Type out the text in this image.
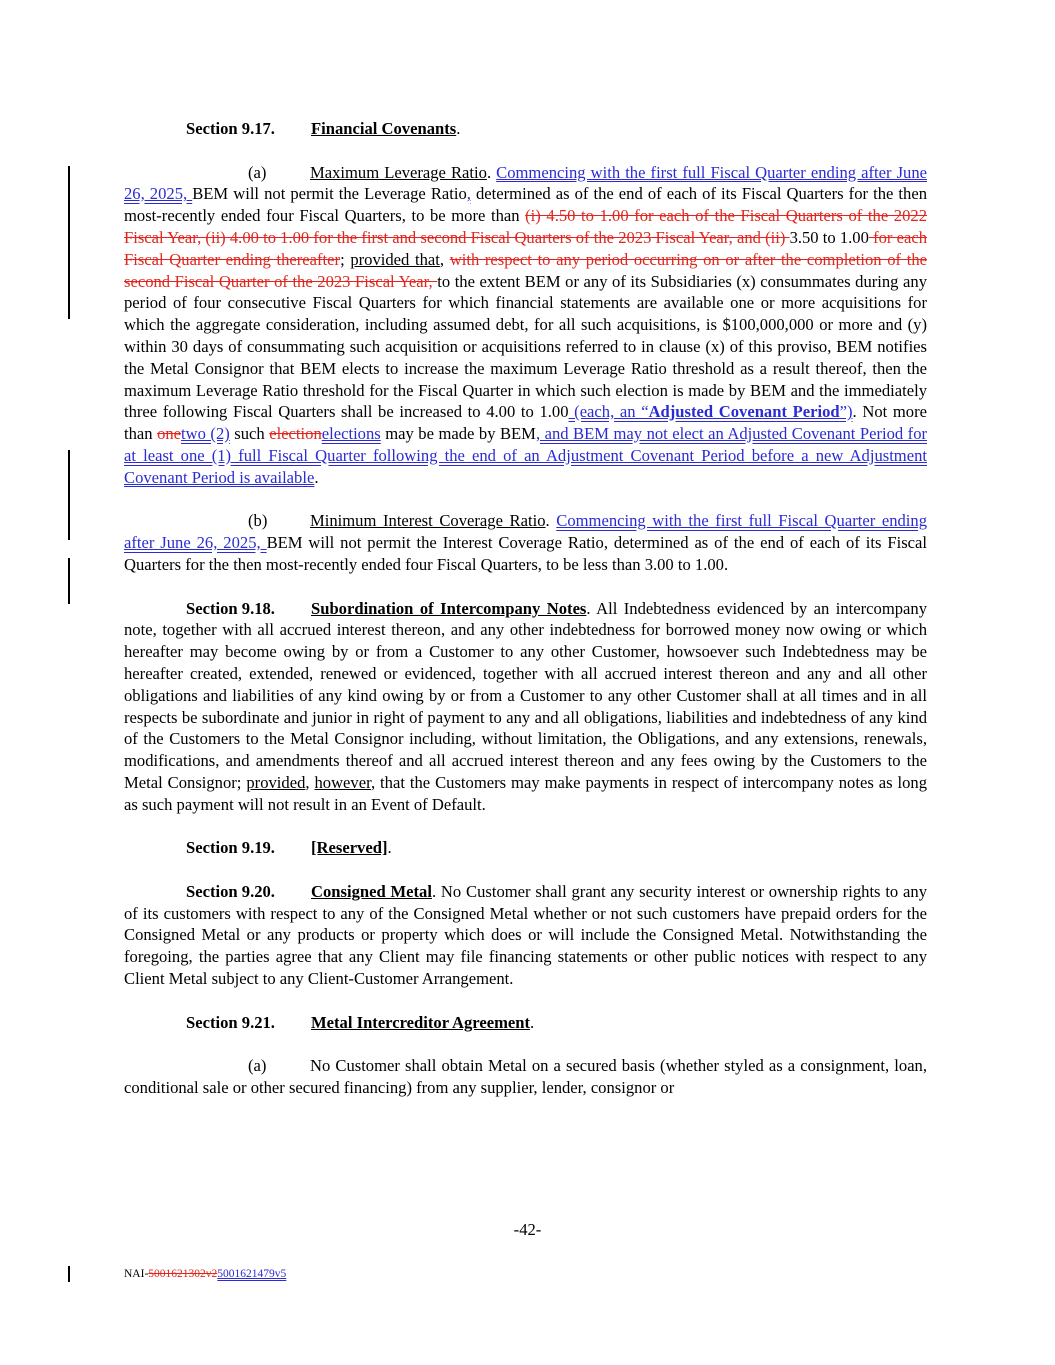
Section 9.17. Financial Covenants.

(a)	Maximum Leverage Ratio. Commencing with the first full Fiscal Quarter ending after June 26, 2025, BEM will not permit the Leverage Ratio, determined as of the end of each of its Fiscal Quarters for the then most-recently ended four Fiscal Quarters, to be more than (i) 4.50 to 1.00 for each of the Fiscal Quarters of the 2022 Fiscal Year, (ii) 4.00 to 1.00 for the first and second Fiscal Quarters of the 2023 Fiscal Year, and (ii) 3.50 to 1.00 for each Fiscal Quarter ending thereafter; provided that, with respect to any period occurring on or after the completion of the second Fiscal Quarter of the 2023 Fiscal Year, to the extent BEM or any of its Subsidiaries (x) consummates during any period of four consecutive Fiscal Quarters for which financial statements are available one or more acquisitions for which the aggregate consideration, including assumed debt, for all such acquisitions, is $100,000,000 or more and (y) within 30 days of consummating such acquisition or acquisitions referred to in clause (x) of this proviso, BEM notifies the Metal Consignor that BEM elects to increase the maximum Leverage Ratio threshold as a result thereof, then the maximum Leverage Ratio threshold for the Fiscal Quarter in which such election is made by BEM and the immediately three following Fiscal Quarters shall be increased to 4.00 to 1.00 (each, an “Adjusted Covenant Period”). Not more than onetwo (2) such electionelections may be made by BEM, and BEM may not elect an Adjusted Covenant Period for at least one (1) full Fiscal Quarter following the end of an Adjustment Covenant Period before a new Adjustment Covenant Period is available.

(b)	Minimum Interest Coverage Ratio. Commencing with the first full Fiscal Quarter ending after June 26, 2025, BEM will not permit the Interest Coverage Ratio, determined as of the end of each of its Fiscal Quarters for the then most-recently ended four Fiscal Quarters, to be less than 3.00 to 1.00.

Section 9.18. Subordination of Intercompany Notes. All Indebtedness evidenced by an intercompany note, together with all accrued interest thereon, and any other indebtedness for borrowed money now owing or which hereafter may become owing by or from a Customer to any other Customer, howsoever such Indebtedness may be hereafter created, extended, renewed or evidenced, together with all accrued interest thereon and any and all other obligations and liabilities of any kind owing by or from a Customer to any other Customer shall at all times and in all respects be subordinate and junior in right of payment to any and all obligations, liabilities and indebtedness of any kind of the Customers to the Metal Consignor including, without limitation, the Obligations, and any extensions, renewals, modifications, and amendments thereof and all accrued interest thereon and any fees owing by the Customers to the Metal Consignor; provided, however, that the Customers may make payments in respect of intercompany notes as long as such payment will not result in an Event of Default.

Section 9.19. [Reserved].

Section 9.20. Consigned Metal. No Customer shall grant any security interest or ownership rights to any of its customers with respect to any of the Consigned Metal whether or not such customers have prepaid orders for the Consigned Metal or any products or property which does or will include the Consigned Metal. Notwithstanding the foregoing, the parties agree that any Client may file financing statements or other public notices with respect to any Client Metal subject to any Client-Customer Arrangement.

Section 9.21. Metal Intercreditor Agreement.

(a)	No Customer shall obtain Metal on a secured basis (whether styled as a consignment, loan, conditional sale or other secured financing) from any supplier, lender, consignor or

-42-
NAI-5001621302v25001621479v5
